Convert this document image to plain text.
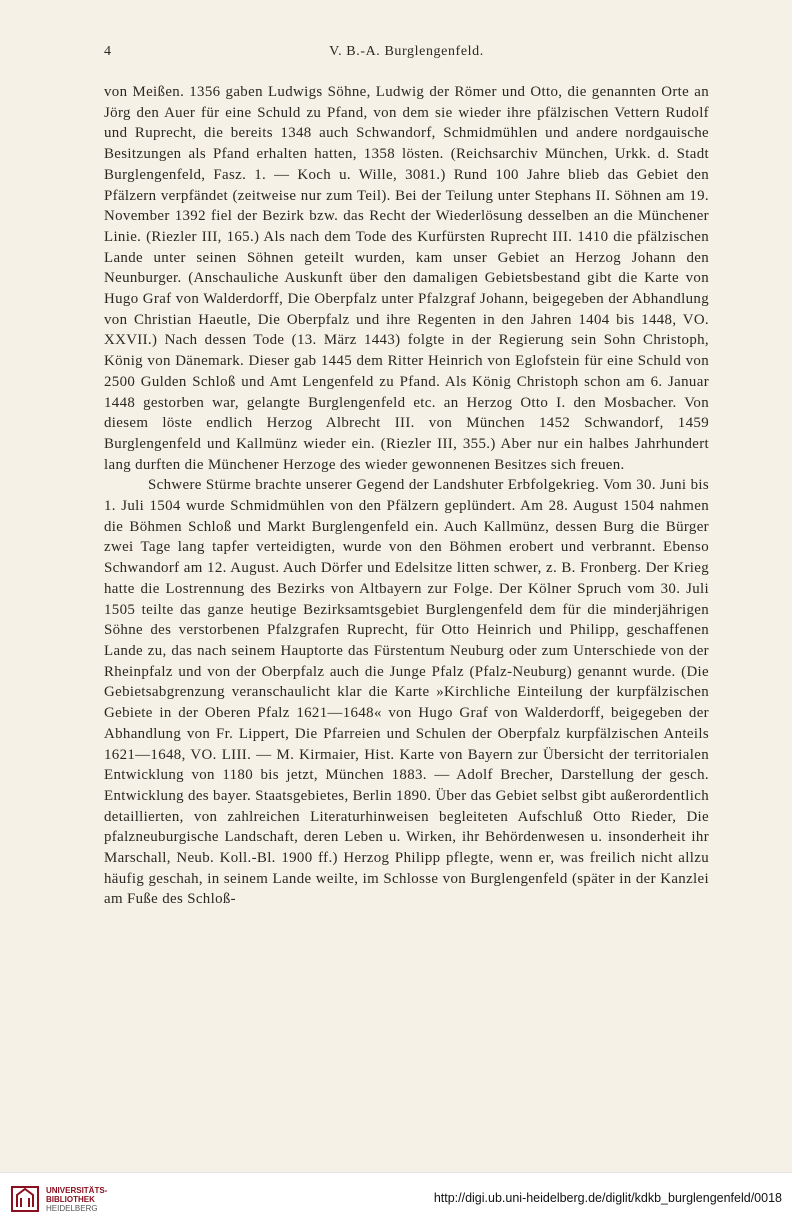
4	V. B.-A. Burglengenfeld.

von Meißen. 1356 gaben Ludwigs Söhne, Ludwig der Römer und Otto, die genannten Orte an Jörg den Auer für eine Schuld zu Pfand, von dem sie wieder ihre pfälzischen Vettern Rudolf und Ruprecht, die bereits 1348 auch Schwandorf, Schmidmühlen und andere nordgauische Besitzungen als Pfand erhalten hatten, 1358 lösten. (Reichsarchiv München, Urkk. d. Stadt Burglengenfeld, Fasz. 1. — Koch u. Wille, 3081.) Rund 100 Jahre blieb das Gebiet den Pfälzern verpfändet (zeitweise nur zum Teil). Bei der Teilung unter Stephans II. Söhnen am 19. November 1392 fiel der Bezirk bzw. das Recht der Wiederlösung desselben an die Münchener Linie. (Riezler III, 165.) Als nach dem Tode des Kurfürsten Ruprecht III. 1410 die pfälzischen Lande unter seinen Söhnen geteilt wurden, kam unser Gebiet an Herzog Johann den Neunburger. (Anschauliche Auskunft über den damaligen Gebietsbestand gibt die Karte von Hugo Graf von Walderdorff, Die Oberpfalz unter Pfalzgraf Johann, beigegeben der Abhandlung von Christian Haeutle, Die Oberpfalz und ihre Regenten in den Jahren 1404 bis 1448, VO. XXVII.) Nach dessen Tode (13. März 1443) folgte in der Regierung sein Sohn Christoph, König von Dänemark. Dieser gab 1445 dem Ritter Heinrich von Eglofstein für eine Schuld von 2500 Gulden Schloß und Amt Lengenfeld zu Pfand. Als König Christoph schon am 6. Januar 1448 gestorben war, gelangte Burglengenfeld etc. an Herzog Otto I. den Mosbacher. Von diesem löste endlich Herzog Albrecht III. von München 1452 Schwandorf, 1459 Burglengenfeld und Kallmünz wieder ein. (Riezler III, 355.) Aber nur ein halbes Jahrhundert lang durften die Münchener Herzoge des wieder gewonnenen Besitzes sich freuen.

Schwere Stürme brachte unserer Gegend der Landshuter Erbfolgekrieg. Vom 30. Juni bis 1. Juli 1504 wurde Schmidmühlen von den Pfälzern geplündert. Am 28. August 1504 nahmen die Böhmen Schloß und Markt Burglengenfeld ein. Auch Kallmünz, dessen Burg die Bürger zwei Tage lang tapfer verteidigten, wurde von den Böhmen erobert und verbrannt. Ebenso Schwandorf am 12. August. Auch Dörfer und Edelsitze litten schwer, z. B. Fronberg. Der Krieg hatte die Lostrennung des Bezirks von Altbayern zur Folge. Der Kölner Spruch vom 30. Juli 1505 teilte das ganze heutige Bezirksamtsgebiet Burglengenfeld dem für die minderjährigen Söhne des verstorbenen Pfalzgrafen Ruprecht, für Otto Heinrich und Philipp, geschaffenen Lande zu, das nach seinem Hauptorte das Fürstentum Neuburg oder zum Unterschiede von der Rheinpfalz und von der Oberpfalz auch die Junge Pfalz (Pfalz-Neuburg) genannt wurde. (Die Gebietsabgrenzung veranschaulicht klar die Karte »Kirchliche Einteilung der kurpfälzischen Gebiete in der Oberen Pfalz 1621—1648« von Hugo Graf von Walderdorff, beigegeben der Abhandlung von Fr. Lippert, Die Pfarreien und Schulen der Oberpfalz kurpfälzischen Anteils 1621—1648, VO. LIII. — M. Kirmaier, Hist. Karte von Bayern zur Übersicht der territorialen Entwicklung von 1180 bis jetzt, München 1883. — Adolf Brecher, Darstellung der gesch. Entwicklung des bayer. Staatsgebietes, Berlin 1890. Über das Gebiet selbst gibt außerordentlich detaillierten, von zahlreichen Literaturhinweisen begleiteten Aufschluß Otto Rieder, Die pfalzneuburgische Landschaft, deren Leben u. Wirken, ihr Behördenwesen u. insonderheit ihr Marschall, Neub. Koll.-Bl. 1900 ff.) Herzog Philipp pflegte, wenn er, was freilich nicht allzu häufig geschah, in seinem Lande weilte, im Schlosse von Burglengenfeld (später in der Kanzlei am Fuße des Schloß-

UNIVERSITÄTS-
BIBLIOTHEK
HEIDELBERG
http://digi.ub.uni-heidelberg.de/diglit/kdkb_burglengenfeld/0018
